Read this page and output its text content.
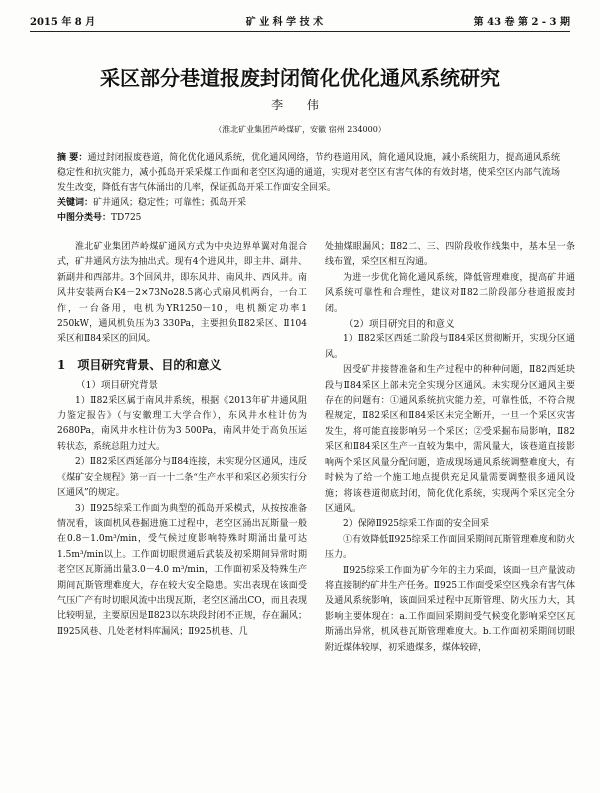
2015 年 8 月	矿 业 科 学 技 术	第 43 卷 第 2 - 3 期
采区部分巷道报废封闭简化优化通风系统研究
李 伟
（淮北矿业集团芦岭煤矿，安徽 宿州 234000）

摘 要：通过封闭报废巷道，简化优化通风系统，优化通风网络，节约巷道用风，简化通风设施，减小系统阻力，提高通风系统稳定性和抗灾能力，减小孤岛开采采煤工作面和老空区沟通的通道，实现对老空区有害气体的有效封堵，使采空区内部气流场发生改变，降低有害气体涌出的几率，保证孤岛开采工作面安全回采。

关键词：矿井通风；稳定性；可靠性；孤岛开采

中图分类号：TD725

淮北矿业集团芦岭煤矿通风方式为中央边界单翼对角混合式，矿井通风方法为抽出式。现有4个进风井，即主井、副井、新副井和西部井。3个回风井，即东风井、南风井、西风井。南风井安装两台K4－2×73No28.5离心式扇风机两台，一台工作，一台备用，电机为YR1250－10，电机额定功率1 250kW，通风机负压为3 330Pa，主要担负Ⅱ82采区、Ⅱ104采区和Ⅱ84采区的回风。

1　项目研究背景、目的和意义
（1）项目研究背景

1）Ⅱ82采区属于南风井系统，根据《2013年矿井通风阻力鉴定报告》（与安徽理工大学合作），东风井水柱计仿为2680Pa，南风井水柱计仿为3 500Pa，南风井处于高负压运转状态，系统总阻力过大。

2）Ⅱ82采区西延部分与Ⅱ84连接，未实现分区通风，违反《煤矿安全规程》第一百一十二条“生产水平和采区必须实行分区通风”的规定。

3）Ⅱ925综采工作面为典型的孤岛开采模式，从按按准备情况看，该面机风巷掘进施工过程中，老空区涌出瓦斯量一般在0.8－1.0m³/min，受气候过度影响特殊时期涌出量可达1.5m³/min以上。工作面切眼贯通后武装及初采期间异常时期老空区瓦斯涌出量3.0－4.0 m³/min，工作面初采及特殊生产期间瓦斯管理难度大，存在较大安全隐患。实出表现在该面受气压广产有时切眼风流中出现瓦斯，老空区涌出CO，而且表现比较明显，主要原因是Ⅱ823以东块段封闭不正规，存在漏风；Ⅱ925风巷、几处老材料库漏风；Ⅱ925机巷、几

处抽煤眼漏风；Ⅱ82二、三、四阶段收作线集中，基本呈一条线布置，采空区相互沟通。

为进一步优化简化通风系统，降低管理难度，提高矿井通风系统可靠性和合理性，建议对Ⅱ82二阶段部分巷道报废封闭。

（2）项目研究目的和意义

1）Ⅱ82采区西延二阶段与Ⅱ84采区贯彻断开，实现分区通风。

因受矿井接替准备和生产过程中的种种问题，Ⅱ82西延块段与Ⅱ84采区上部未完全实现分区通风。未实现分区通风主要存在的问题有：①通风系统抗灾能力差，可靠性低，不符合规程规定，Ⅱ82采区和Ⅱ84采区未完全断开，一旦一个采区灾害发生，将可能直接影响另一个采区；②受采掘布局影响，Ⅱ82采区和Ⅱ84采区生产一直较为集中，需风量大，该巷道直接影响两个采区风量分配问题，造成现场通风系统调整难度大，有时候为了给一个施工地点提供充足风量需要调整很多通风设施；将该巷道彻底封闭，简化优化系统，实现两个采区完全分区通风。

2）保障Ⅱ925综采工作面的安全回采

①有效降低Ⅱ925综采工作面回采期间瓦斯管理难度和防火压力。

Ⅱ925综采工作面为矿今年的主力采面，该面一旦产量波动将直接制约矿井生产任务。Ⅱ925工作面受采空区残余有害气体及通风系统影响，该面回采过程中瓦斯管理、防火压力大，其影响主要体现在：a.工作面回采期间受气候变化影响采空区瓦斯涌出异常，机风巷瓦斯管理难度大。b.工作面初采期间切眼附近煤体较厚，初采遗煤多，煤体较碎，
